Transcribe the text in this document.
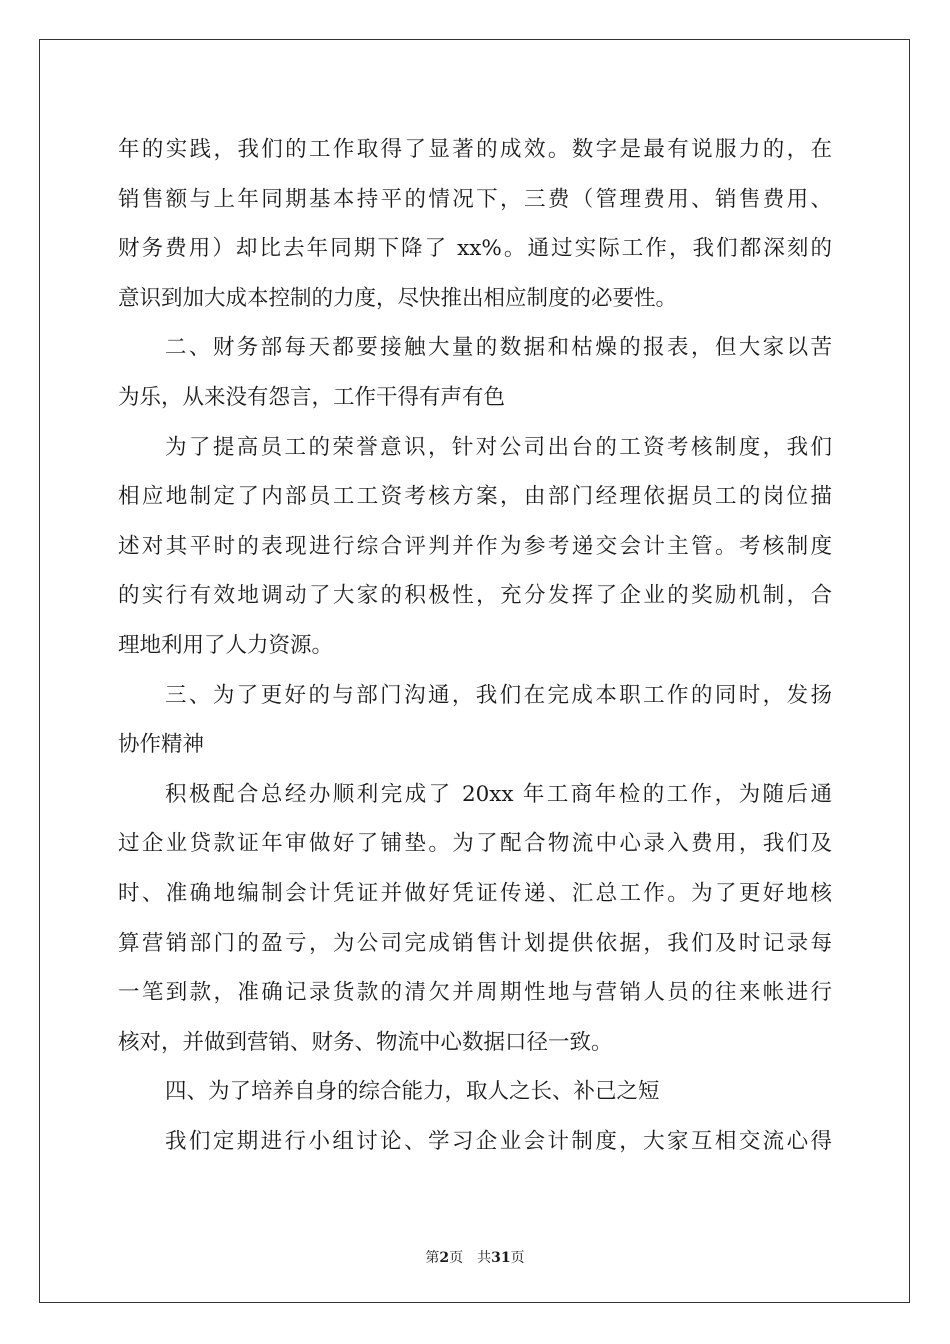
年的实践，我们的工作取得了显著的成效。数字是最有说服力的，在
销售额与上年同期基本持平的情况下，三费（管理费用、销售费用、
财务费用）却比去年同期下降了 xx%。通过实际工作，我们都深刻的
意识到加大成本控制的力度，尽快推出相应制度的必要性。
二、财务部每天都要接触大量的数据和枯燥的报表，但大家以苦
为乐，从来没有怨言，工作干得有声有色
为了提高员工的荣誉意识，针对公司出台的工资考核制度，我们
相应地制定了内部员工工资考核方案，由部门经理依据员工的岗位描
述对其平时的表现进行综合评判并作为参考递交会计主管。考核制度
的实行有效地调动了大家的积极性，充分发挥了企业的奖励机制，合
理地利用了人力资源。
三、为了更好的与部门沟通，我们在完成本职工作的同时，发扬
协作精神
积极配合总经办顺利完成了 20xx 年工商年检的工作，为随后通
过企业贷款证年审做好了铺垫。为了配合物流中心录入费用，我们及
时、准确地编制会计凭证并做好凭证传递、汇总工作。为了更好地核
算营销部门的盈亏，为公司完成销售计划提供依据，我们及时记录每
一笔到款，准确记录货款的清欠并周期性地与营销人员的往来帐进行
核对，并做到营销、财务、物流中心数据口径一致。
四、为了培养自身的综合能力，取人之长、补己之短
我们定期进行小组讨论、学习企业会计制度，大家互相交流心得
第2页 共31页
